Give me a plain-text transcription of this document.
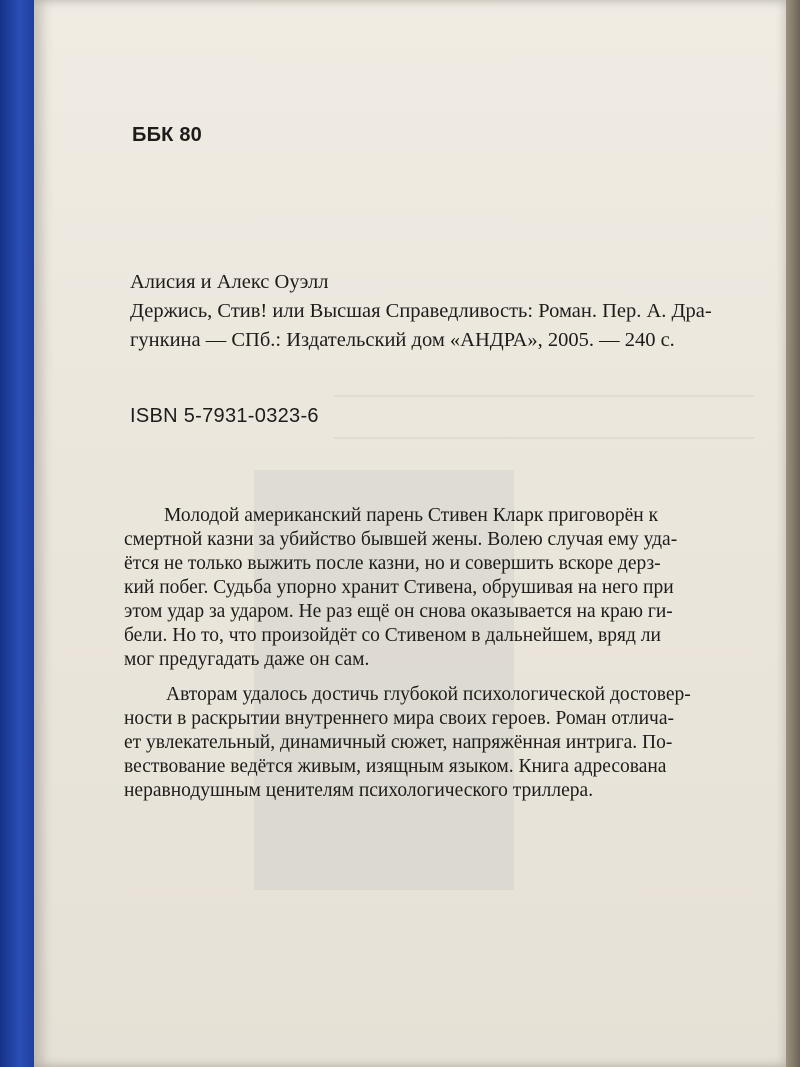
ББК 80
Алисия и Алекс Оуэлл
Держись, Стив! или Высшая Справедливость: Роман. Пер. А. Дра-
гункина — СПб.: Издательский дом «АНДРА», 2005. — 240 с.
ISBN 5-7931-0323-6
Молодой американский парень Стивен Кларк приговорён к
смертной казни за убийство бывшей жены. Волею случая ему уда-
ётся не только выжить после казни, но и совершить вскоре дерз-
кий побег. Судьба упорно хранит Стивена, обрушивая на него при
этом удар за ударом. Не раз ещё он снова оказывается на краю ги-
бели. Но то, что произойдёт со Стивеном в дальнейшем, вряд ли
мог предугадать даже он сам.
Авторам удалось достичь глубокой психологической достовер-
ности в раскрытии внутреннего мира своих героев. Роман отлича-
ет увлекательный, динамичный сюжет, напряжённая интрига. По-
вествование ведётся живым, изящным языком. Книга адресована
неравнодушным ценителям психологического триллера.
